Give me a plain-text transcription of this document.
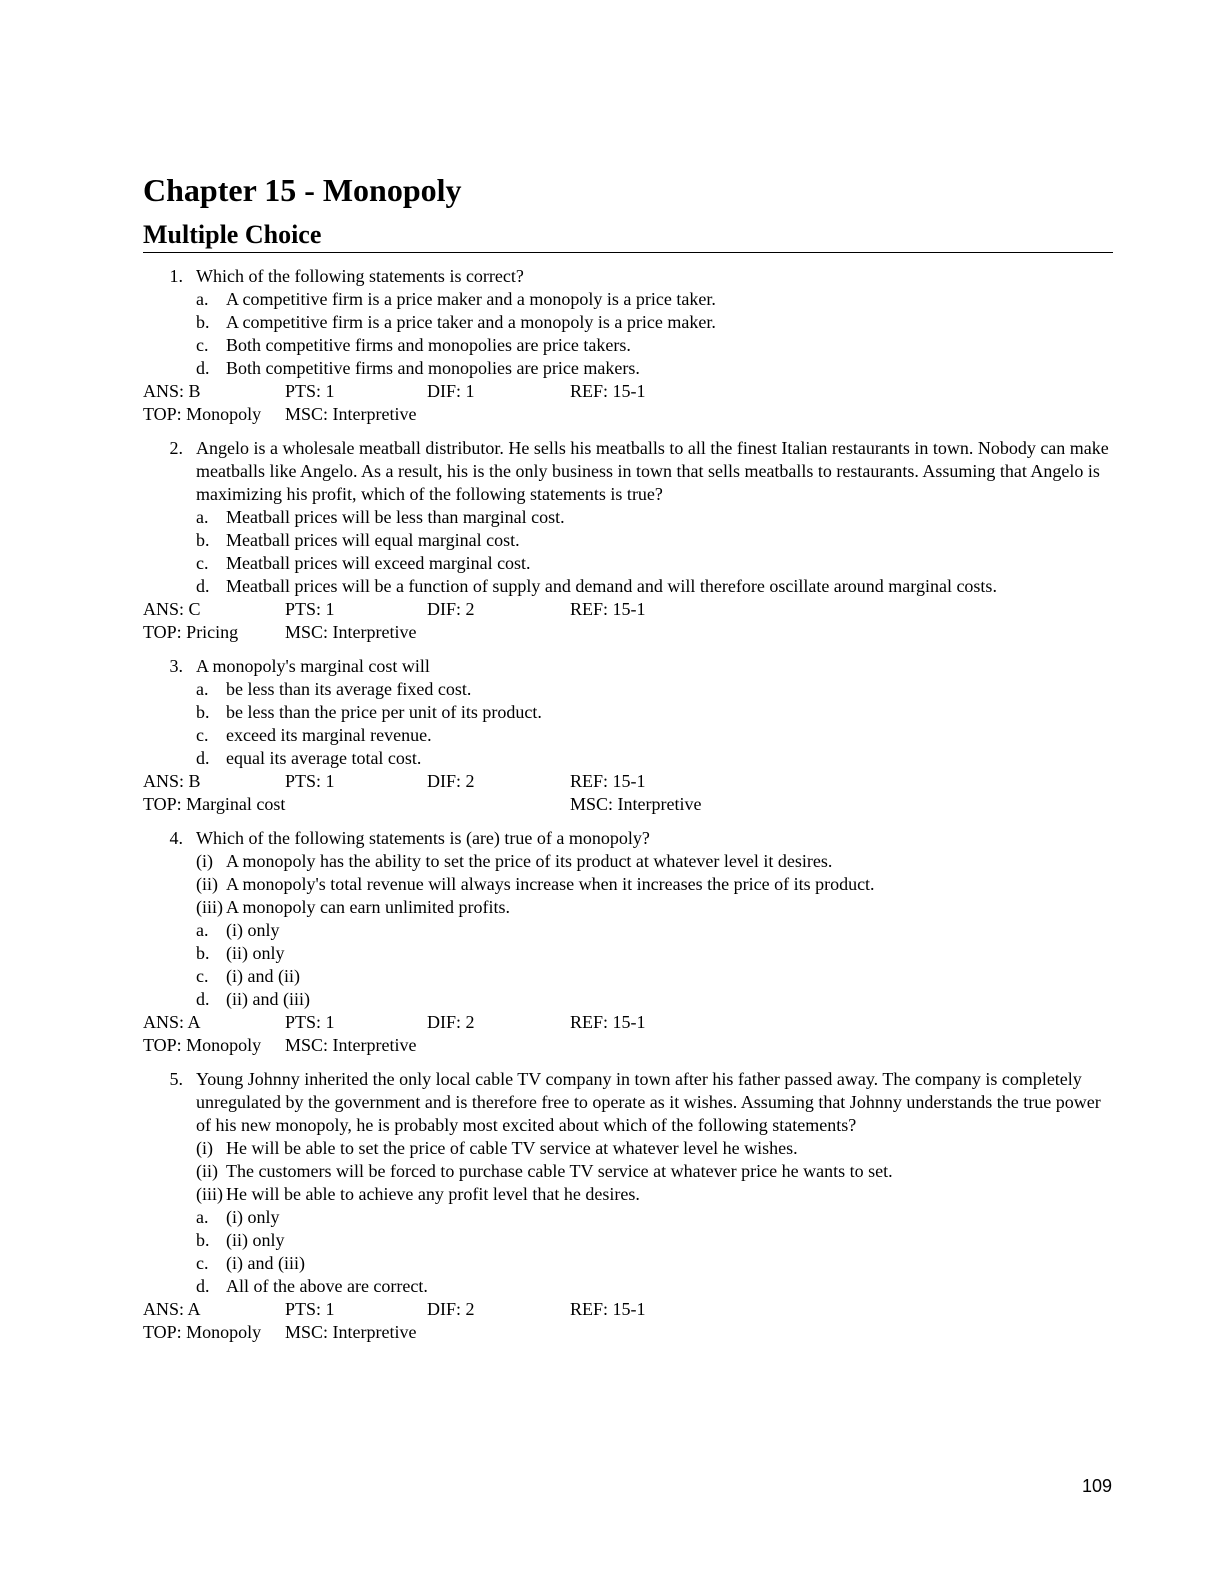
Chapter 15 - Monopoly
Multiple Choice
1. Which of the following statements is correct?
a. A competitive firm is a price maker and a monopoly is a price taker.
b. A competitive firm is a price taker and a monopoly is a price maker.
c. Both competitive firms and monopolies are price takers.
d. Both competitive firms and monopolies are price makers.
ANS: B	PTS: 1	DIF: 1	REF: 15-1
TOP: Monopoly MSC: Interpretive
2. Angelo is a wholesale meatball distributor. He sells his meatballs to all the finest Italian restaurants in town. Nobody can make meatballs like Angelo. As a result, his is the only business in town that sells meatballs to restaurants. Assuming that Angelo is maximizing his profit, which of the following statements is true?
a. Meatball prices will be less than marginal cost.
b. Meatball prices will equal marginal cost.
c. Meatball prices will exceed marginal cost.
d. Meatball prices will be a function of supply and demand and will therefore oscillate around marginal costs.
ANS: C	PTS: 1	DIF: 2	REF: 15-1
TOP: Pricing	MSC: Interpretive
3. A monopoly's marginal cost will
a. be less than its average fixed cost.
b. be less than the price per unit of its product.
c. exceed its marginal revenue.
d. equal its average total cost.
ANS: B	PTS: 1	DIF: 2	REF: 15-1
TOP: Marginal cost	MSC: Interpretive
4. Which of the following statements is (are) true of a monopoly?
(i) A monopoly has the ability to set the price of its product at whatever level it desires.
(ii) A monopoly's total revenue will always increase when it increases the price of its product.
(iii) A monopoly can earn unlimited profits.
a. (i) only
b. (ii) only
c. (i) and (ii)
d. (ii) and (iii)
ANS: A	PTS: 1	DIF: 2	REF: 15-1
TOP: Monopoly MSC: Interpretive
5. Young Johnny inherited the only local cable TV company in town after his father passed away. The company is completely unregulated by the government and is therefore free to operate as it wishes. Assuming that Johnny understands the true power of his new monopoly, he is probably most excited about which of the following statements?
(i) He will be able to set the price of cable TV service at whatever level he wishes.
(ii) The customers will be forced to purchase cable TV service at whatever price he wants to set.
(iii) He will be able to achieve any profit level that he desires.
a. (i) only
b. (ii) only
c. (i) and (iii)
d. All of the above are correct.
ANS: A	PTS: 1	DIF: 2	REF: 15-1
TOP: Monopoly MSC: Interpretive
109
